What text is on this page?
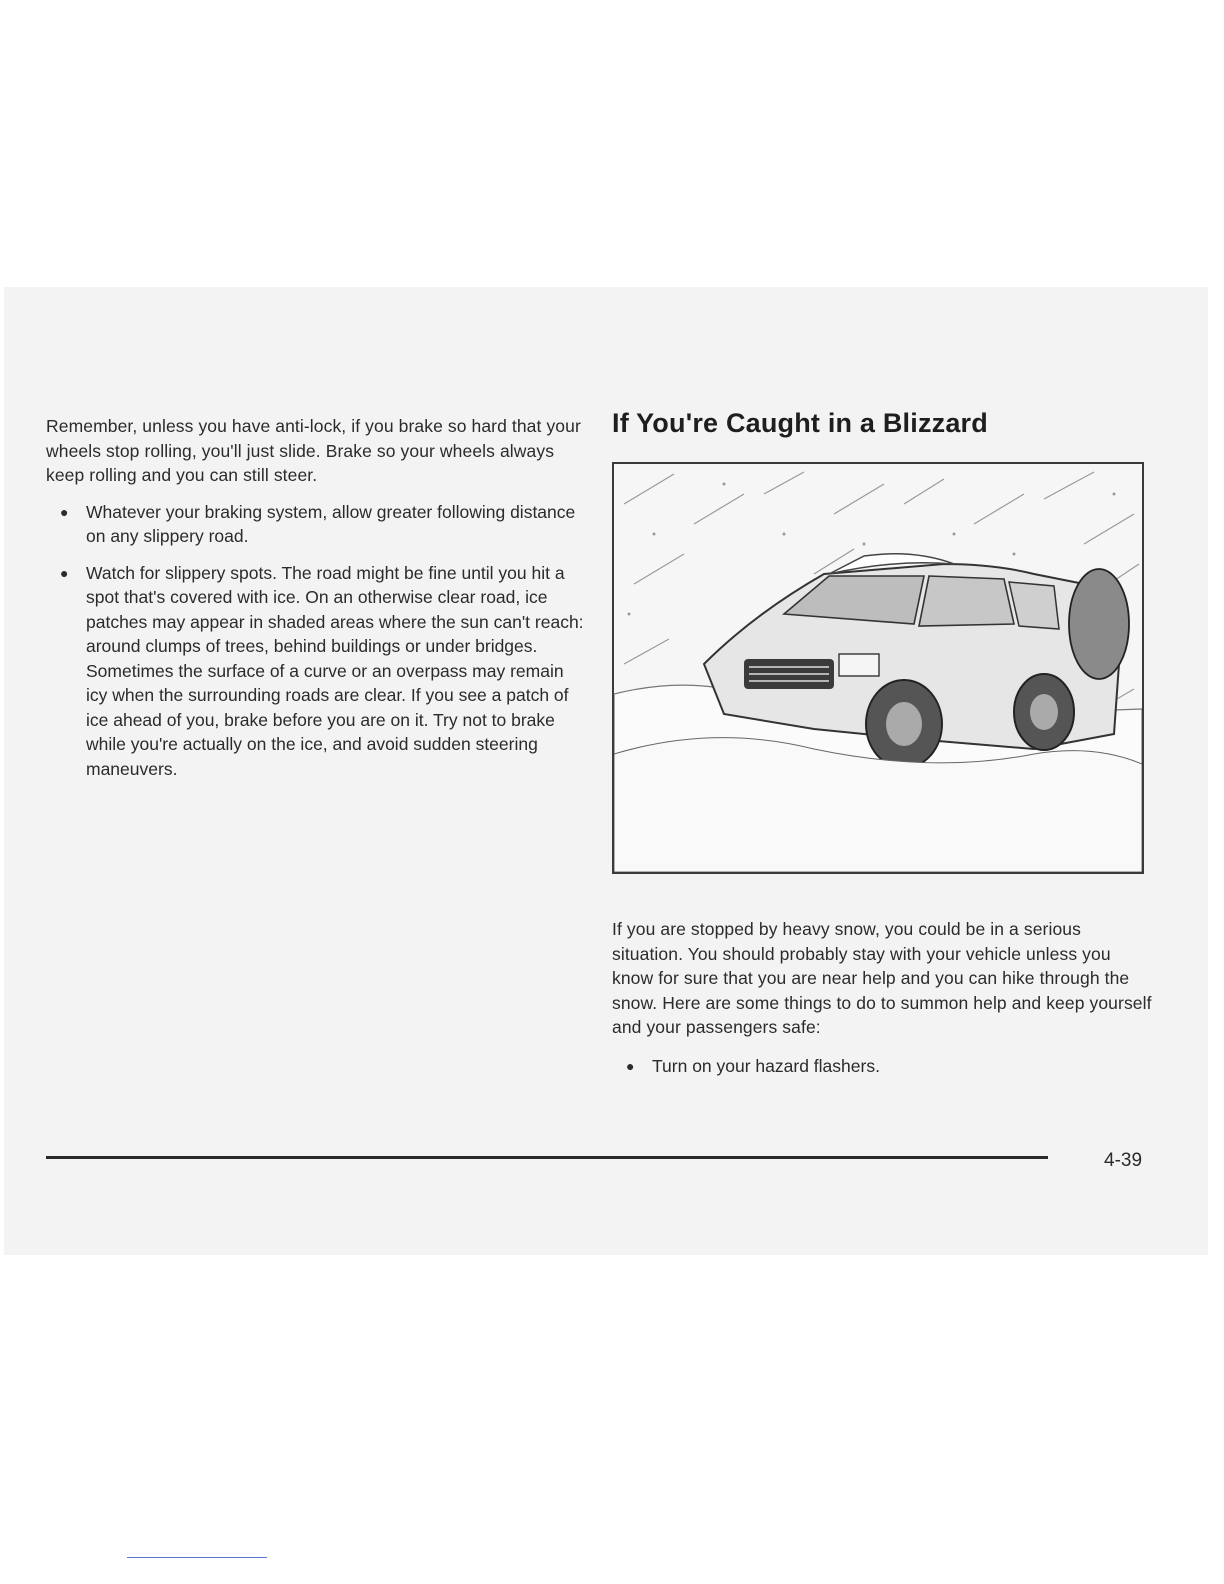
Remember, unless you have anti-lock, if you brake so hard that your wheels stop rolling, you'll just slide. Brake so your wheels always keep rolling and you can still steer.

● Whatever your braking system, allow greater following distance on any slippery road.
● Watch for slippery spots. The road might be fine until you hit a spot that's covered with ice. On an otherwise clear road, ice patches may appear in shaded areas where the sun can't reach: around clumps of trees, behind buildings or under bridges. Sometimes the surface of a curve or an overpass may remain icy when the surrounding roads are clear. If you see a patch of ice ahead of you, brake before you are on it. Try not to brake while you're actually on the ice, and avoid sudden steering maneuvers.
If You're Caught in a Blizzard

If you are stopped by heavy snow, you could be in a serious situation. You should probably stay with your vehicle unless you know for sure that you are near help and you can hike through the snow. Here are some things to do to summon help and keep yourself and your passengers safe:

● Turn on your hazard flashers.
4-39
